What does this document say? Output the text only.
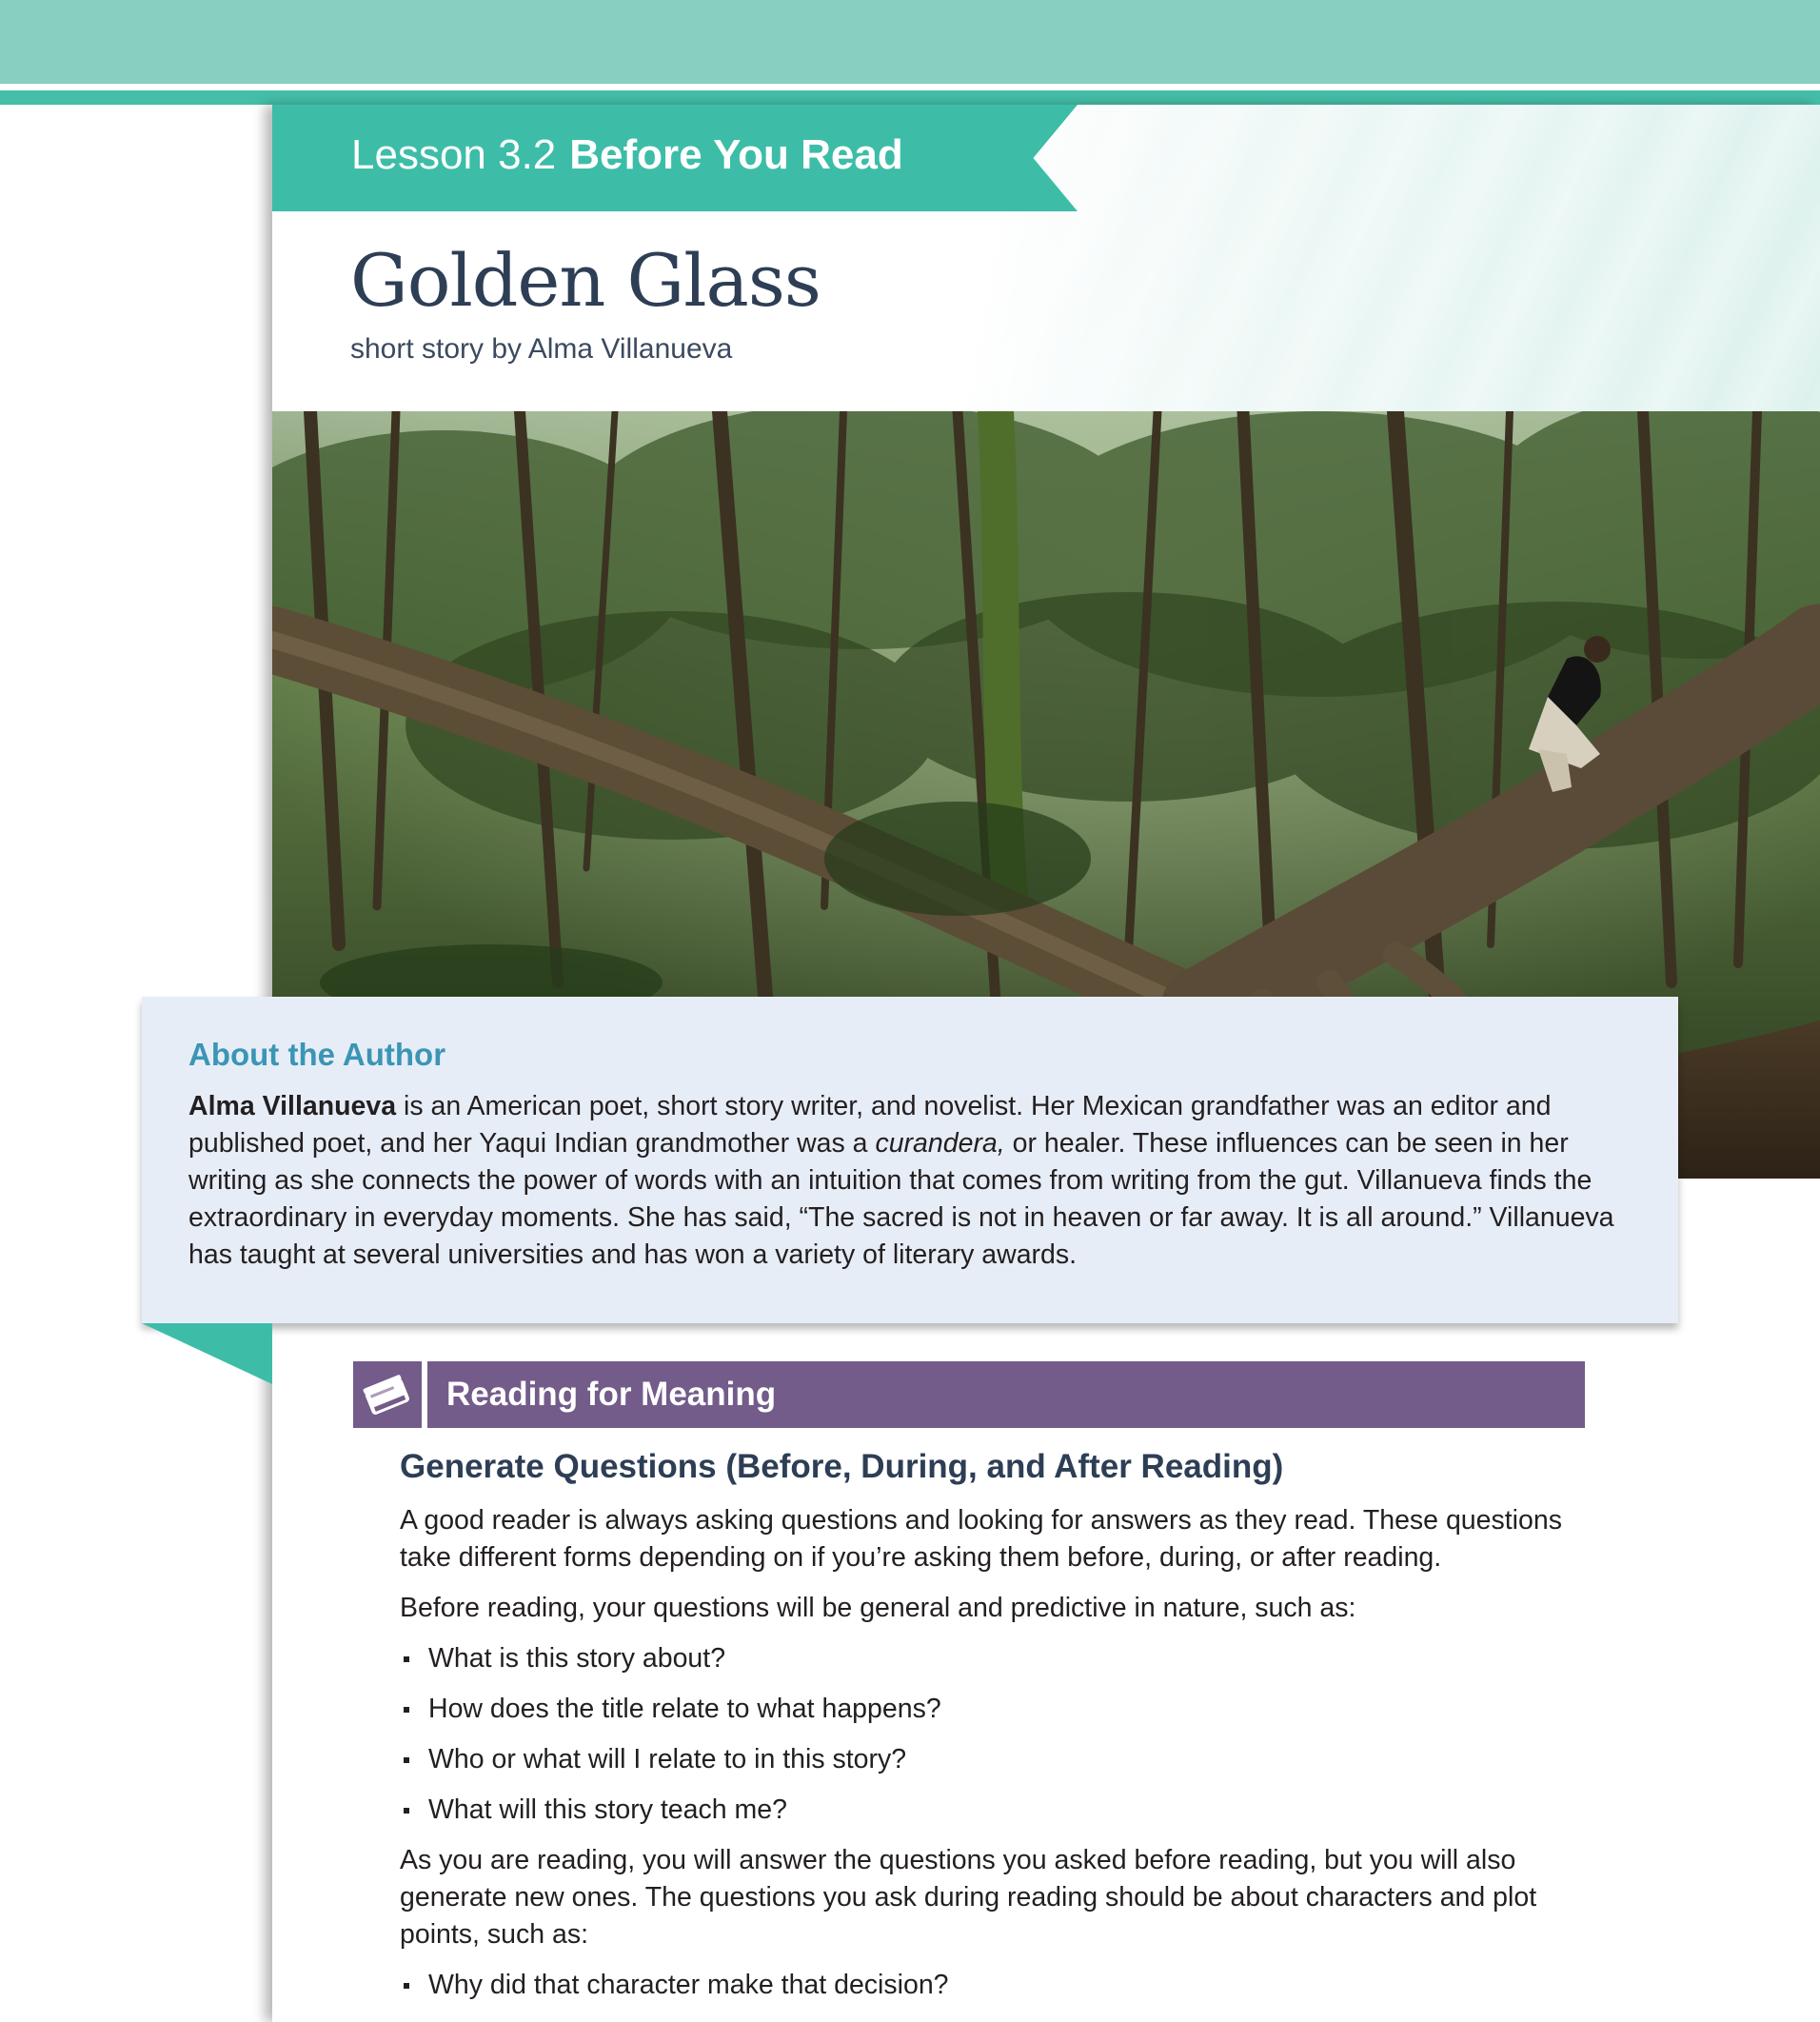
Lesson 3.2 Before You Read
Golden Glass
short story by Alma Villanueva
About the Author
Alma Villanueva is an American poet, short story writer, and novelist. Her Mexican grandfather was an editor and published poet, and her Yaqui Indian grandmother was a curandera, or healer. These influences can be seen in her writing as she connects the power of words with an intuition that comes from writing from the gut. Villanueva finds the extraordinary in everyday moments. She has said, “The sacred is not in heaven or far away. It is all around.” Villanueva has taught at several universities and has won a variety of literary awards.
Reading for Meaning
Generate Questions (Before, During, and After Reading)

A good reader is always asking questions and looking for answers as they read. These questions take different forms depending on if you’re asking them before, during, or after reading.

Before reading, your questions will be general and predictive in nature, such as:

What is this story about?
How does the title relate to what happens?
Who or what will I relate to in this story?
What will this story teach me?

As you are reading, you will answer the questions you asked before reading, but you will also generate new ones. The questions you ask during reading should be about characters and plot points, such as:

Why did that character make that decision?
